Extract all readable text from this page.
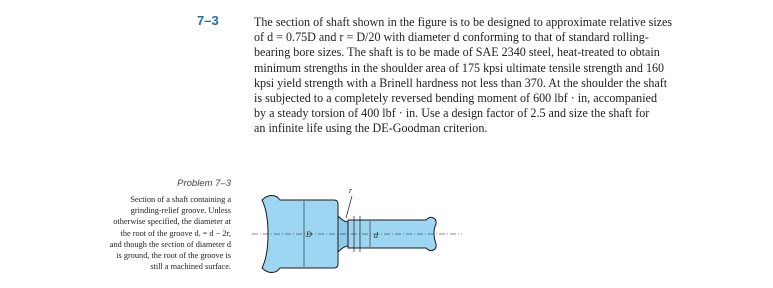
7–3	The section of shaft shown in the figure is to be designed to approximate relative sizes
of d = 0.75D and r = D/20 with diameter d conforming to that of standard rolling-
bearing bore sizes. The shaft is to be made of SAE 2340 steel, heat-treated to obtain
minimum strengths in the shoulder area of 175 kpsi ultimate tensile strength and 160
kpsi yield strength with a Brinell hardness not less than 370. At the shoulder the shaft
is subjected to a completely reversed bending moment of 600 lbf · in, accompanied
by a steady torsion of 400 lbf · in. Use a design factor of 2.5 and size the shaft for
an infinite life using the DE-Goodman criterion.

Problem 7–3
Section of a shaft containing a
grinding-relief groove. Unless
otherwise specified, the diameter at
the root of the groove dᵣ = d − 2r,
and though the section of diameter d
is ground, the root of the groove is
still a machined surface.
r
D	d
